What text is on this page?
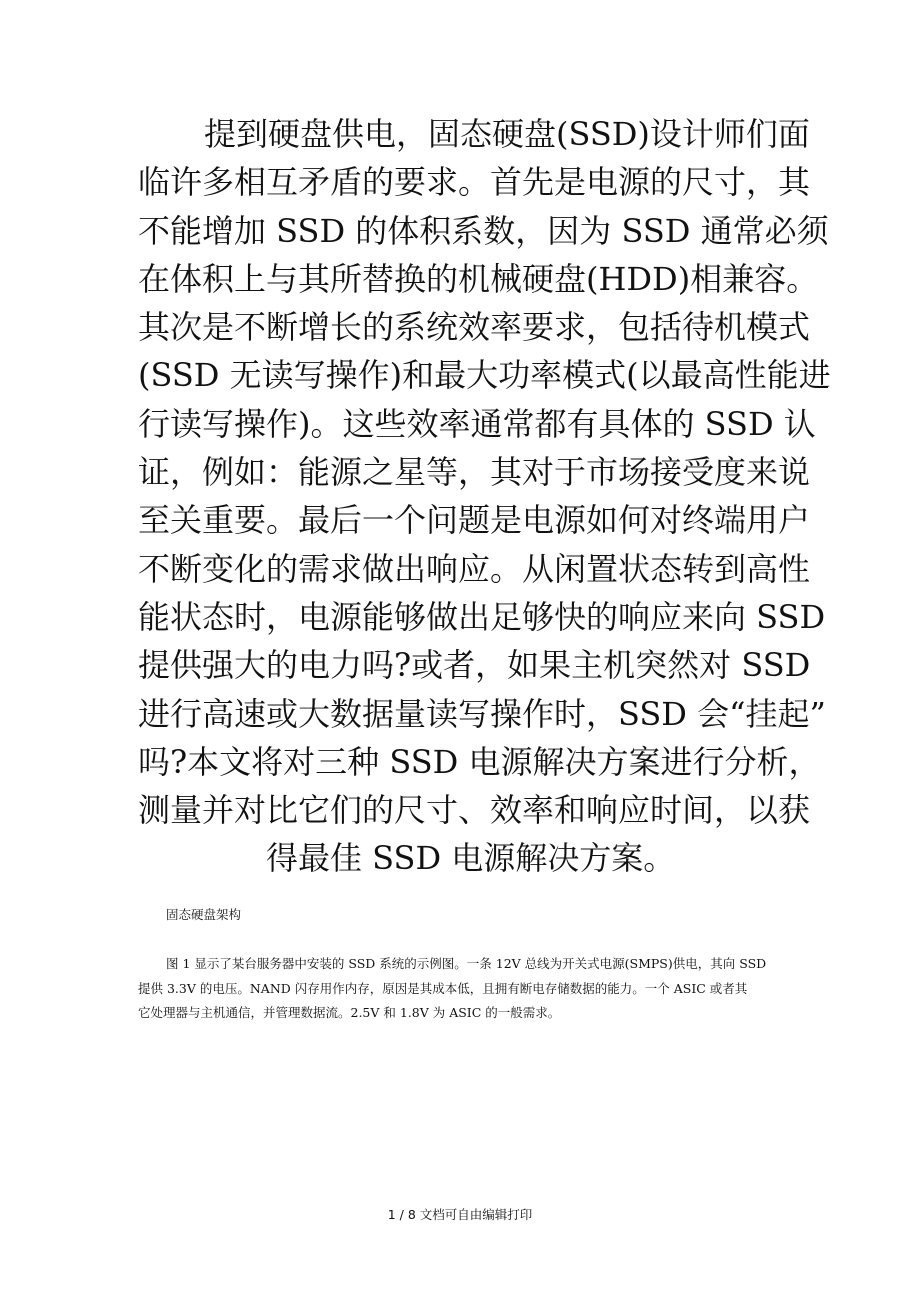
提到硬盘供电，固态硬盘(SSD)设计师们面
临许多相互矛盾的要求。首先是电源的尺寸，其
不能增加 SSD 的体积系数，因为 SSD 通常必须
在体积上与其所替换的机械硬盘(HDD)相兼容。
其次是不断增长的系统效率要求，包括待机模式
(SSD 无读写操作)和最大功率模式(以最高性能进
行读写操作)。这些效率通常都有具体的 SSD 认
证，例如：能源之星等，其对于市场接受度来说
至关重要。最后一个问题是电源如何对终端用户
不断变化的需求做出响应。从闲置状态转到高性
能状态时，电源能够做出足够快的响应来向 SSD
提供强大的电力吗?或者，如果主机突然对 SSD
进行高速或大数据量读写操作时，SSD 会“挂起”
吗?本文将对三种 SSD 电源解决方案进行分析，
测量并对比它们的尺寸、效率和响应时间，以获
得最佳 SSD 电源解决方案。
固态硬盘架构
图 1 显示了某台服务器中安装的 SSD 系统的示例图。一条 12V 总线为开关式电源(SMPS)供电，其向 SSD
提供 3.3V 的电压。NAND 闪存用作内存，原因是其成本低，且拥有断电存储数据的能力。一个 ASIC 或者其
它处理器与主机通信，并管理数据流。2.5V 和 1.8V 为 ASIC 的一般需求。
1 / 8 文档可自由编辑打印
